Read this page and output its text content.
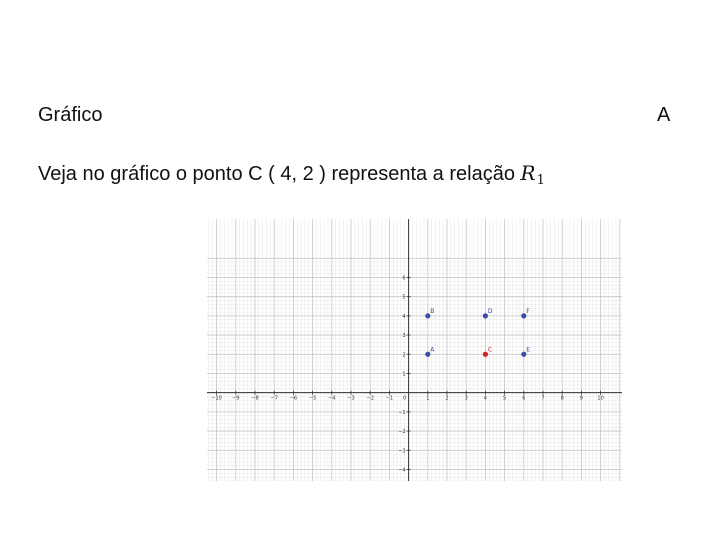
Gráfico	A
Veja no gráfico o ponto C ( 4, 2 ) representa a relação $R_1$
−10 −9 −8 −7 −6 −5 −4 −3 −2 −1 0	1	2	3	4	5	6	7	8	9	10
−4
−3
−2
−1
1
2
3
4
5
6
A
B
C
D
E
F
